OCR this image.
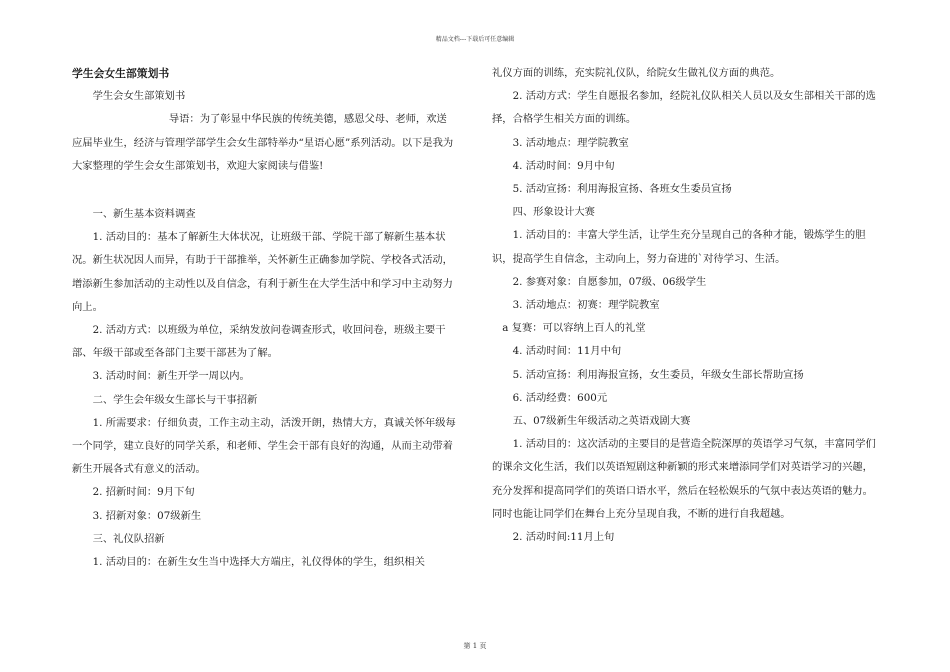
精品文档---下载后可任意编辑

学生会女生部策划书

学生会女生部策划书

导语：为了彰显中华民族的传统美德，感恩父母、老师，欢送应届毕业生，经济与管理学部学生会女生部特举办“星语心愿”系列活动。以下是我为大家整理的学生会女生部策划书，欢迎大家阅读与借鉴!

一、新生基本资料调查

1. 活动目的：基本了解新生大体状况，让班级干部、学院干部了解新生基本状况。新生状况因人而异，有助于干部推举，关怀新生正确参加学院、学校各式活动，增添新生参加活动的主动性以及自信念，有利于新生在大学生活中和学习中主动努力向上。

2. 活动方式：以班级为单位，采纳发放问卷调查形式，收回问卷，班级主要干部、年级干部或至各部门主要干部甚为了解。

3. 活动时间：新生开学一周以内。

二、学生会年级女生部长与干事招新

1. 所需要求：仔细负责，工作主动主动，活泼开朗，热情大方，真诚关怀年级每一个同学，建立良好的同学关系，和老师、学生会干部有良好的沟通，从而主动带着新生开展各式有意义的活动。

2. 招新时间：9月下旬

3. 招新对象：07级新生

三、礼仪队招新

1. 活动目的：在新生女生当中选择大方端庄，礼仪得体的学生，组织相关

礼仪方面的训练，充实院礼仪队，给院女生做礼仪方面的典范。

2. 活动方式：学生自愿报名参加，经院礼仪队相关人员以及女生部相关干部的选择，合格学生相关方面的训练。

3. 活动地点：理学院教室

4. 活动时间：9月中旬

5. 活动宣扬：利用海报宣扬、各班女生委员宣扬

四、形象设计大赛

1. 活动目的：丰富大学生活，让学生充分呈现自己的各种才能，锻炼学生的胆识，提高学生自信念，主动向上，努力奋进的`对待学习、生活。

2. 参赛对象：自愿参加，07级、06级学生

3. 活动地点：初赛：理学院教室

a 复赛：可以容纳上百人的礼堂

4. 活动时间：11月中旬

5. 活动宣扬：利用海报宣扬，女生委员，年级女生部长帮助宣扬

6. 活动经费：600元

五、07级新生年级活动之英语戏剧大赛

1. 活动目的：这次活动的主要目的是营造全院深厚的英语学习气氛，丰富同学们的课余文化生活，我们以英语短剧这种新颖的形式来增添同学们对英语学习的兴趣，充分发挥和提高同学们的英语口语水平，然后在轻松娱乐的气氛中表达英语的魅力。同时也能让同学们在舞台上充分呈现自我，不断的进行自我超越。

2. 活动时间:11月上旬

第 1 页
